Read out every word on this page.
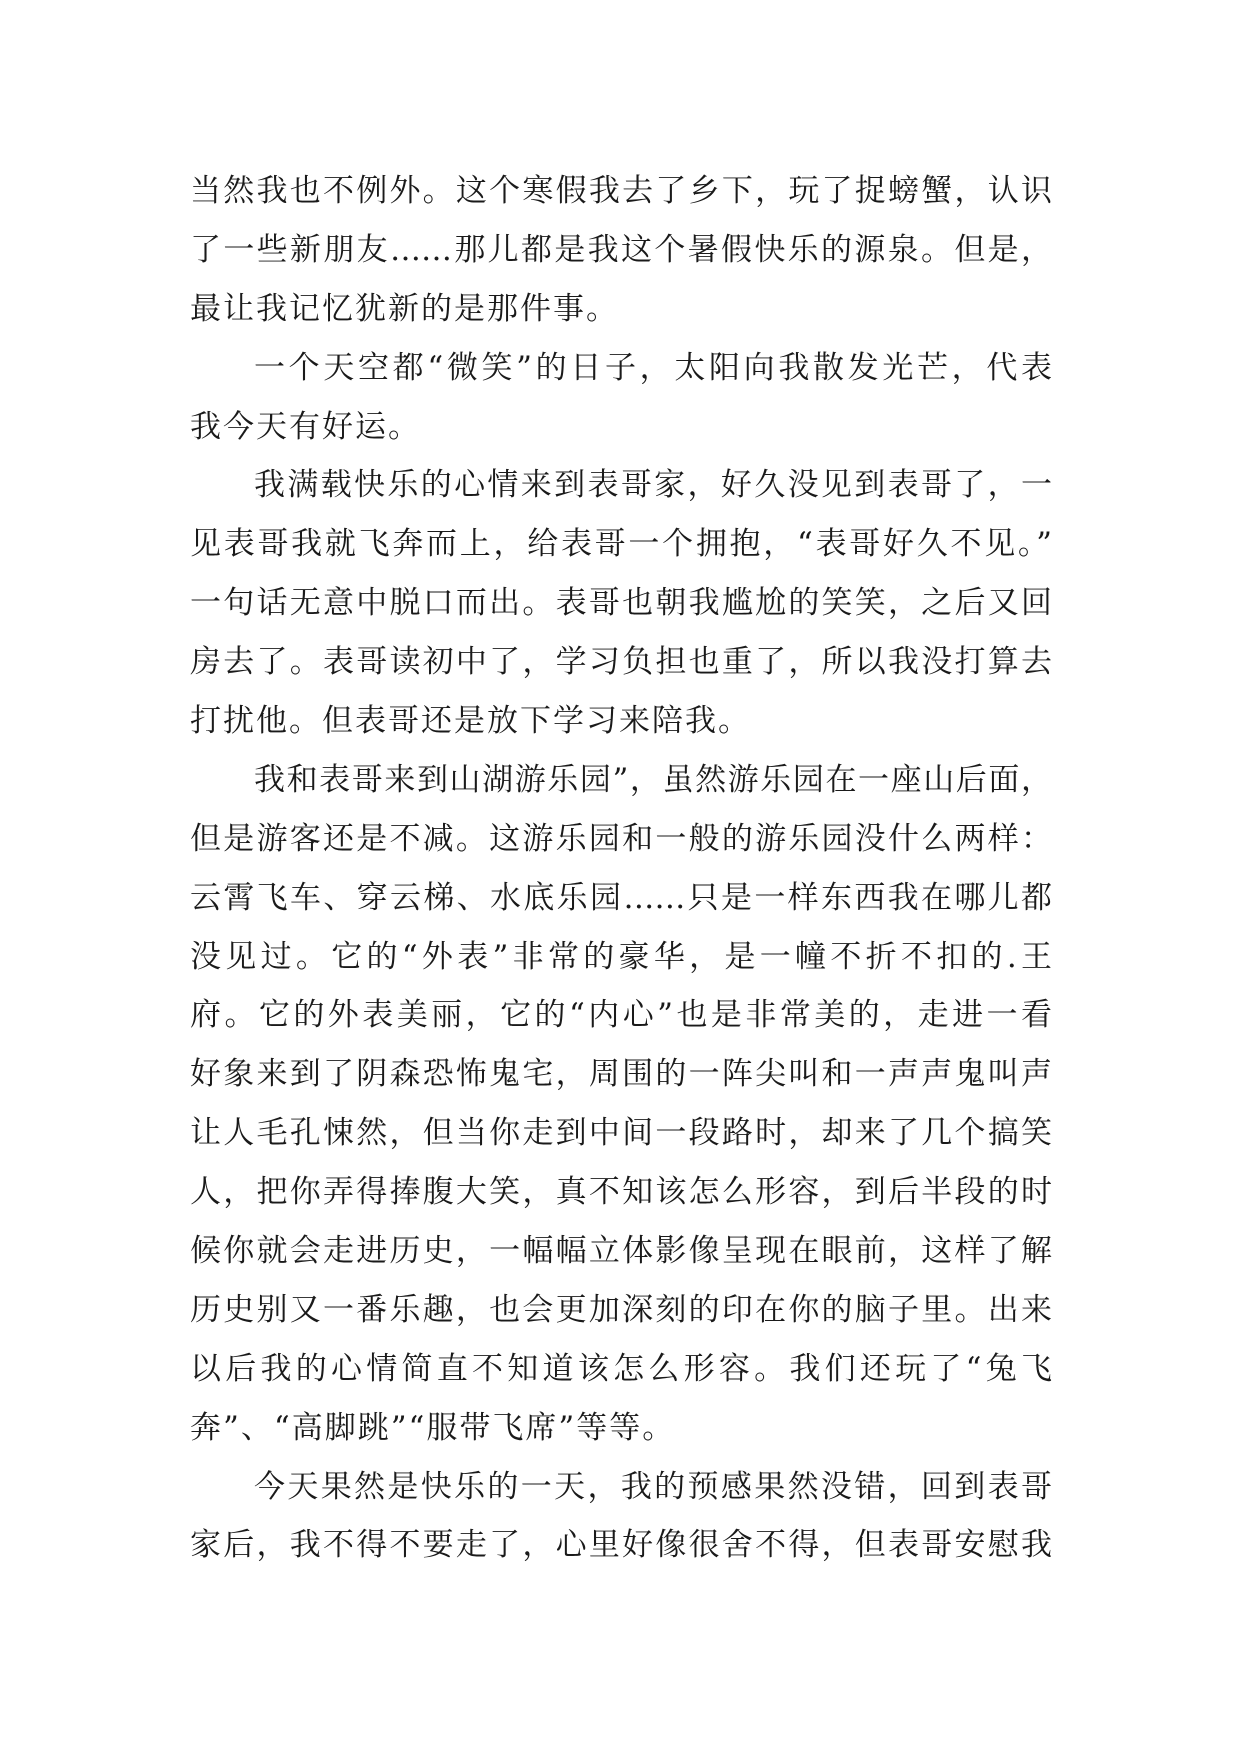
当然我也不例外。这个寒假我去了乡下，玩了捉螃蟹，认识
了一些新朋友……那儿都是我这个暑假快乐的源泉。但是，
最让我记忆犹新的是那件事。
一个天空都“微笑”的日子，太阳向我散发光芒，代表
我今天有好运。
我满载快乐的心情来到表哥家，好久没见到表哥了，一
见表哥我就飞奔而上，给表哥一个拥抱，“表哥好久不见。”
一句话无意中脱口而出。表哥也朝我尴尬的笑笑，之后又回
房去了。表哥读初中了，学习负担也重了，所以我没打算去
打扰他。但表哥还是放下学习来陪我。
我和表哥来到山湖游乐园”，虽然游乐园在一座山后面，
但是游客还是不减。这游乐园和一般的游乐园没什么两样：
云霄飞车、穿云梯、水底乐园……只是一样东西我在哪儿都
没见过。它的“外表”非常的豪华，是一幢不折不扣的.王
府。它的外表美丽，它的“内心”也是非常美的，走进一看
好象来到了阴森恐怖鬼宅，周围的一阵尖叫和一声声鬼叫声
让人毛孔悚然，但当你走到中间一段路时，却来了几个搞笑
人，把你弄得捧腹大笑，真不知该怎么形容，到后半段的时
候你就会走进历史，一幅幅立体影像呈现在眼前，这样了解
历史别又一番乐趣，也会更加深刻的印在你的脑子里。出来
以后我的心情简直不知道该怎么形容。我们还玩了“兔飞
奔”、“高脚跳”“服带飞席”等等。
今天果然是快乐的一天，我的预感果然没错，回到表哥
家后，我不得不要走了，心里好像很舍不得，但表哥安慰我
